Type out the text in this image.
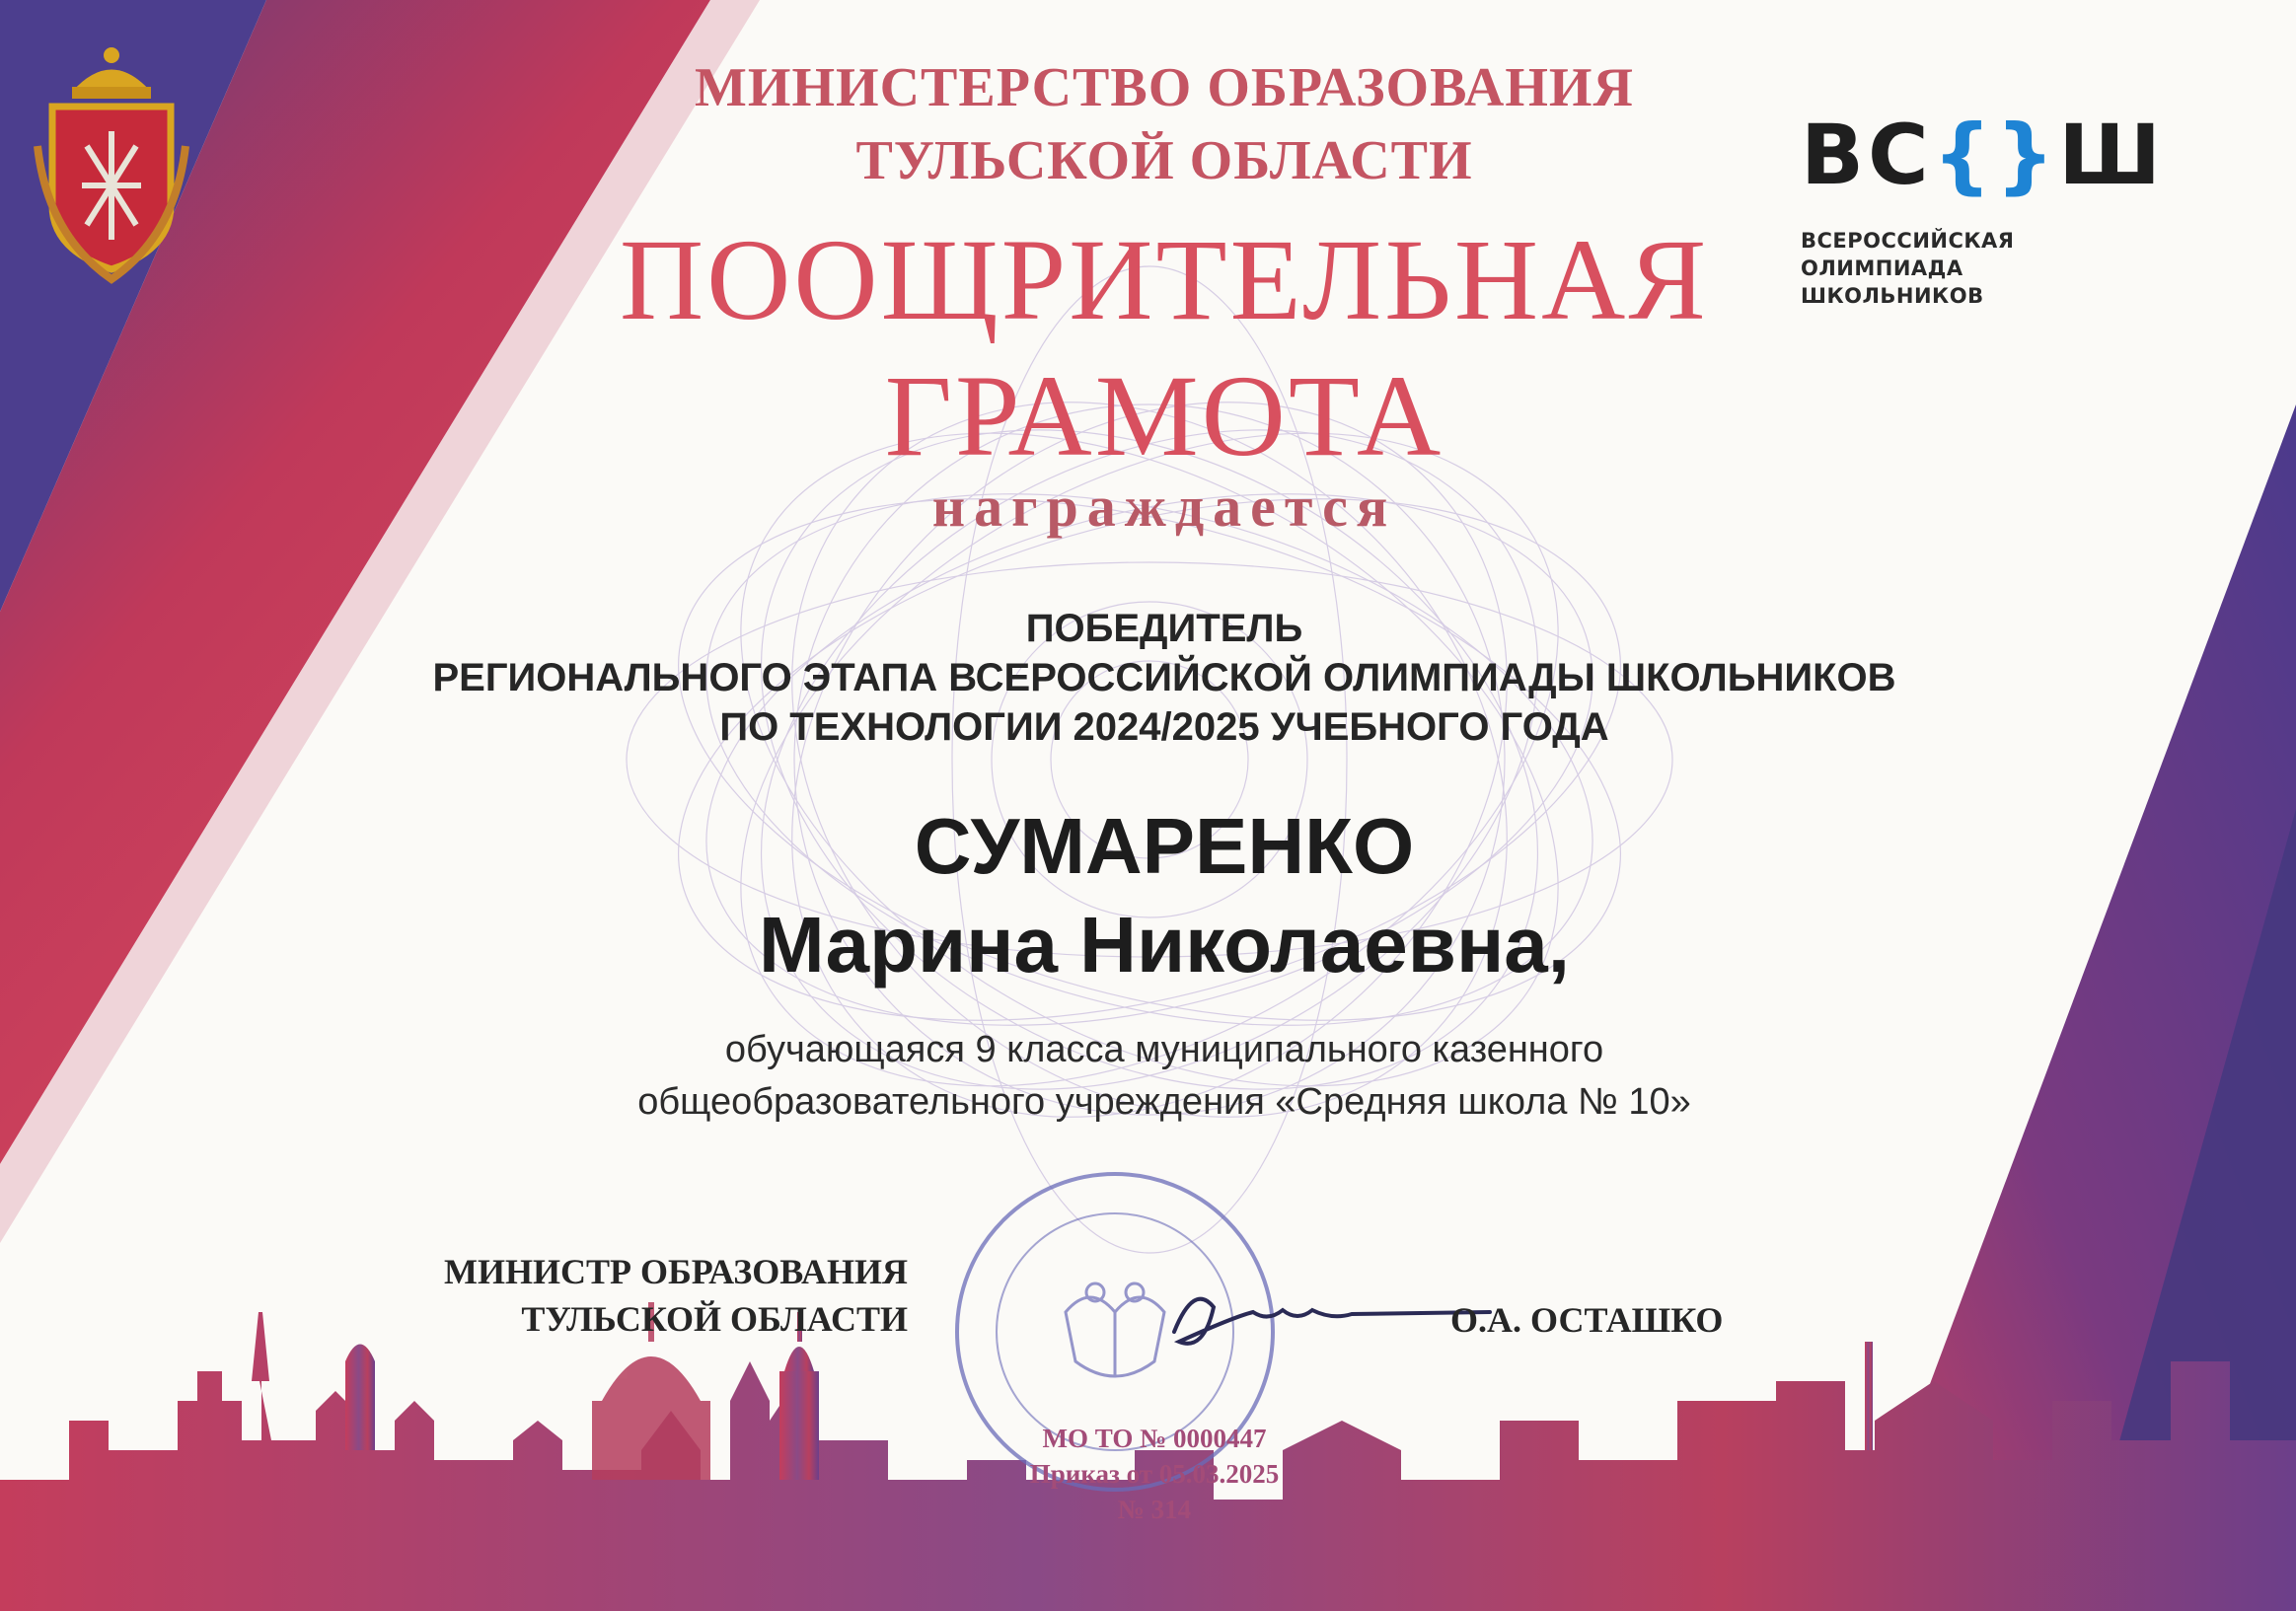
МИНИСТЕРСТВО ОБРАЗОВАНИЯ
ТУЛЬСКОЙ ОБЛАСТИ	ВС{}Ш
ВСЕРОССИЙСКАЯ
ОЛИМПИАДА
ШКОЛЬНИКОВ
ПООЩРИТЕЛЬНАЯ
ГРАМОТА
награждается
ПОБЕДИТЕЛЬ
РЕГИОНАЛЬНОГО ЭТАПА ВСЕРОССИЙСКОЙ ОЛИМПИАДЫ ШКОЛЬНИКОВ
ПО ТЕХНОЛОГИИ 2024/2025 УЧЕБНОГО ГОДА
СУМАРЕНКО
Марина Николаевна,
обучающаяся 9 класса муниципального казенного
общеобразовательного учреждения «Средняя школа № 10»
МИНИСТР ОБРАЗОВАНИЯ
ТУЛЬСКОЙ ОБЛАСТИ	О.А. ОСТАШКО
МО ТО № 0000447
Приказ от 05.03.2025
№ 314
